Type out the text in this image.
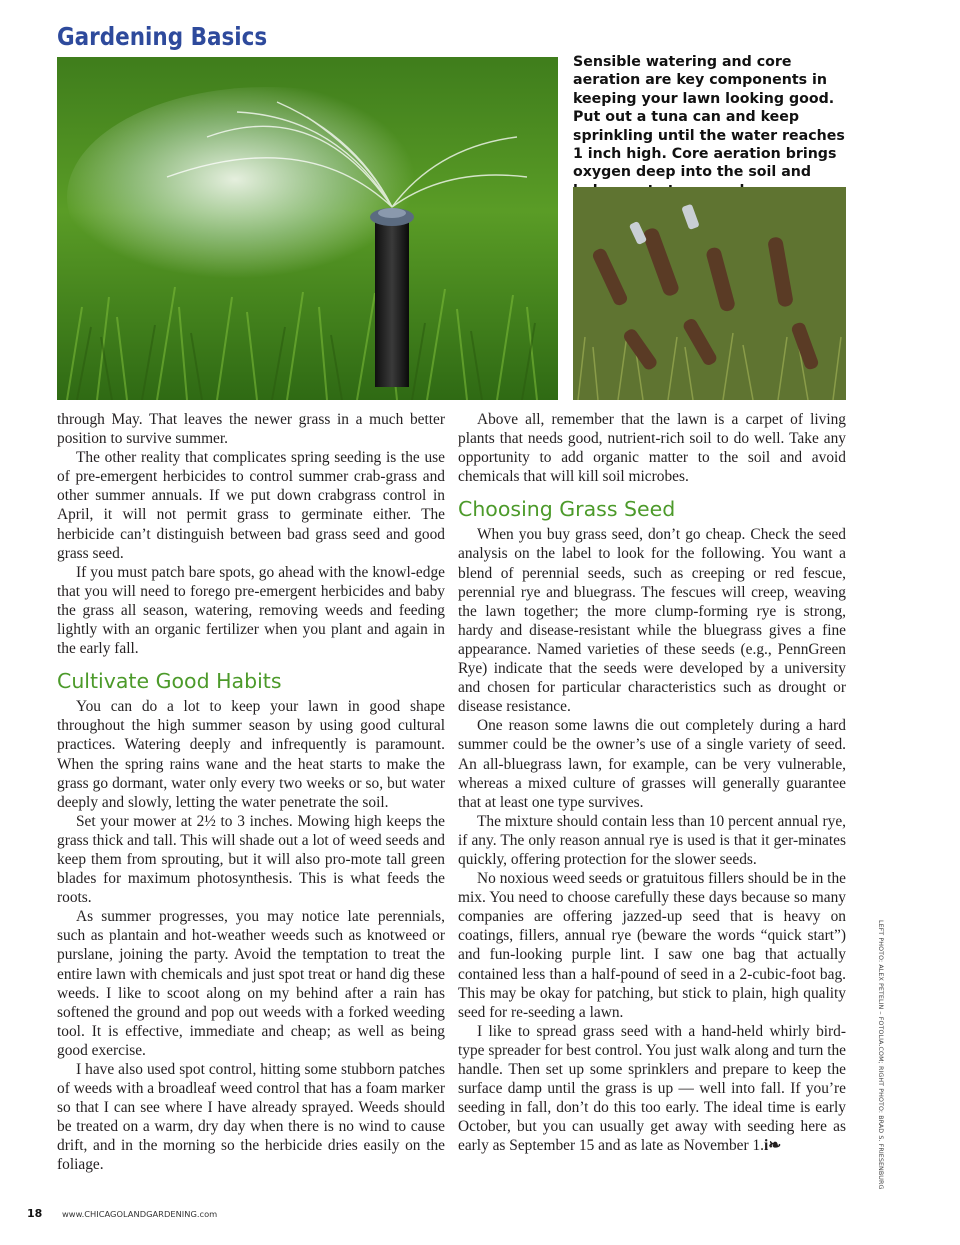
Gardening Basics

Sensible watering and core aeration are key components in keeping your lawn looking good. Put out a tuna can and keep sprinkling until the water reaches 1 inch high. Core aeration brings oxygen deep into the soil and

through May. That leaves the newer grass in a much better position to survive summer.

The other reality that complicates spring seeding is the use of pre-emergent herbicides to control summer crab-grass and other summer annuals. If we put down crabgrass control in April, it will not permit grass to germinate either. The herbicide can’t distinguish between bad grass seed and good grass seed.

If you must patch bare spots, go ahead with the knowl-edge that you will need to forego pre-emergent herbicides and baby the grass all season, watering, removing weeds and feeding lightly with an organic fertilizer when you plant and again in the early fall.

Cultivate Good Habits

You can do a lot to keep your lawn in good shape throughout the high summer season by using good cultural practices. Watering deeply and infrequently is paramount. When the spring rains wane and the heat starts to make the grass go dormant, water only every two weeks or so, but water deeply and slowly, letting the water penetrate the soil.

Set your mower at 2½ to 3 inches. Mowing high keeps the grass thick and tall. This will shade out a lot of weed seeds and keep them from sprouting, but it will also pro-mote tall green blades for maximum photosynthesis. This is what feeds the roots.

As summer progresses, you may notice late perennials, such as plantain and hot-weather weeds such as knotweed or purslane, joining the party. Avoid the temptation to treat the entire lawn with chemicals and just spot treat or hand dig these weeds. I like to scoot along on my behind after a rain has softened the ground and pop out weeds with a forked weeding tool. It is effective, immediate and cheap; as well as being good exercise.

I have also used spot control, hitting some stubborn patches of weeds with a broadleaf weed control that has a foam marker so that I can see where I have already sprayed. Weeds should be treated on a warm, dry day when there is no wind to cause drift, and in the morning so the herbicide dries easily on the foliage.

Above all, remember that the lawn is a carpet of living plants that needs good, nutrient-rich soil to do well. Take any opportunity to add organic matter to the soil and avoid chemicals that will kill soil microbes.

Choosing Grass Seed

When you buy grass seed, don’t go cheap. Check the seed analysis on the label to look for the following. You want a blend of perennial seeds, such as creeping or red fescue, perennial rye and bluegrass. The fescues will creep, weaving the lawn together; the more clump-forming rye is strong, hardy and disease-resistant while the bluegrass gives a fine appearance. Named varieties of these seeds (e.g., PennGreen Rye) indicate that the seeds were developed by a university and chosen for particular characteristics such as drought or disease resistance.

One reason some lawns die out completely during a hard summer could be the owner’s use of a single variety of seed. An all-bluegrass lawn, for example, can be very vulnerable, whereas a mixed culture of grasses will generally guarantee that at least one type survives.

The mixture should contain less than 10 percent annual rye, if any. The only reason annual rye is used is that it ger-minates quickly, offering protection for the slower seeds.

No noxious weed seeds or gratuitous fillers should be in the mix. You need to choose carefully these days because so many companies are offering jazzed-up seed that is heavy on coatings, fillers, annual rye (beware the words “quick start”) and fun-looking purple lint. I saw one bag that actually contained less than a half-pound of seed in a 2-cubic-foot bag. This may be okay for patching, but stick to plain, high quality seed for re-seeding a lawn.

I like to spread grass seed with a hand-held whirly bird-type spreader for best control. You just walk along and turn the handle. Then set up some sprinklers and prepare to keep the surface damp until the grass is up — well into fall. If you’re seeding in fall, don’t do this too early. The ideal time is early October, but you can usually get away with seeding here as early as September 15 and as late as November 1.i❧	LEFT PHOTO: ALEX PETELIN – FOTOLIA.COM; RIGHT PHOTO: BRAD S. FRIESENBURG
18 www.CHICAGOLANDGARDENING.com
